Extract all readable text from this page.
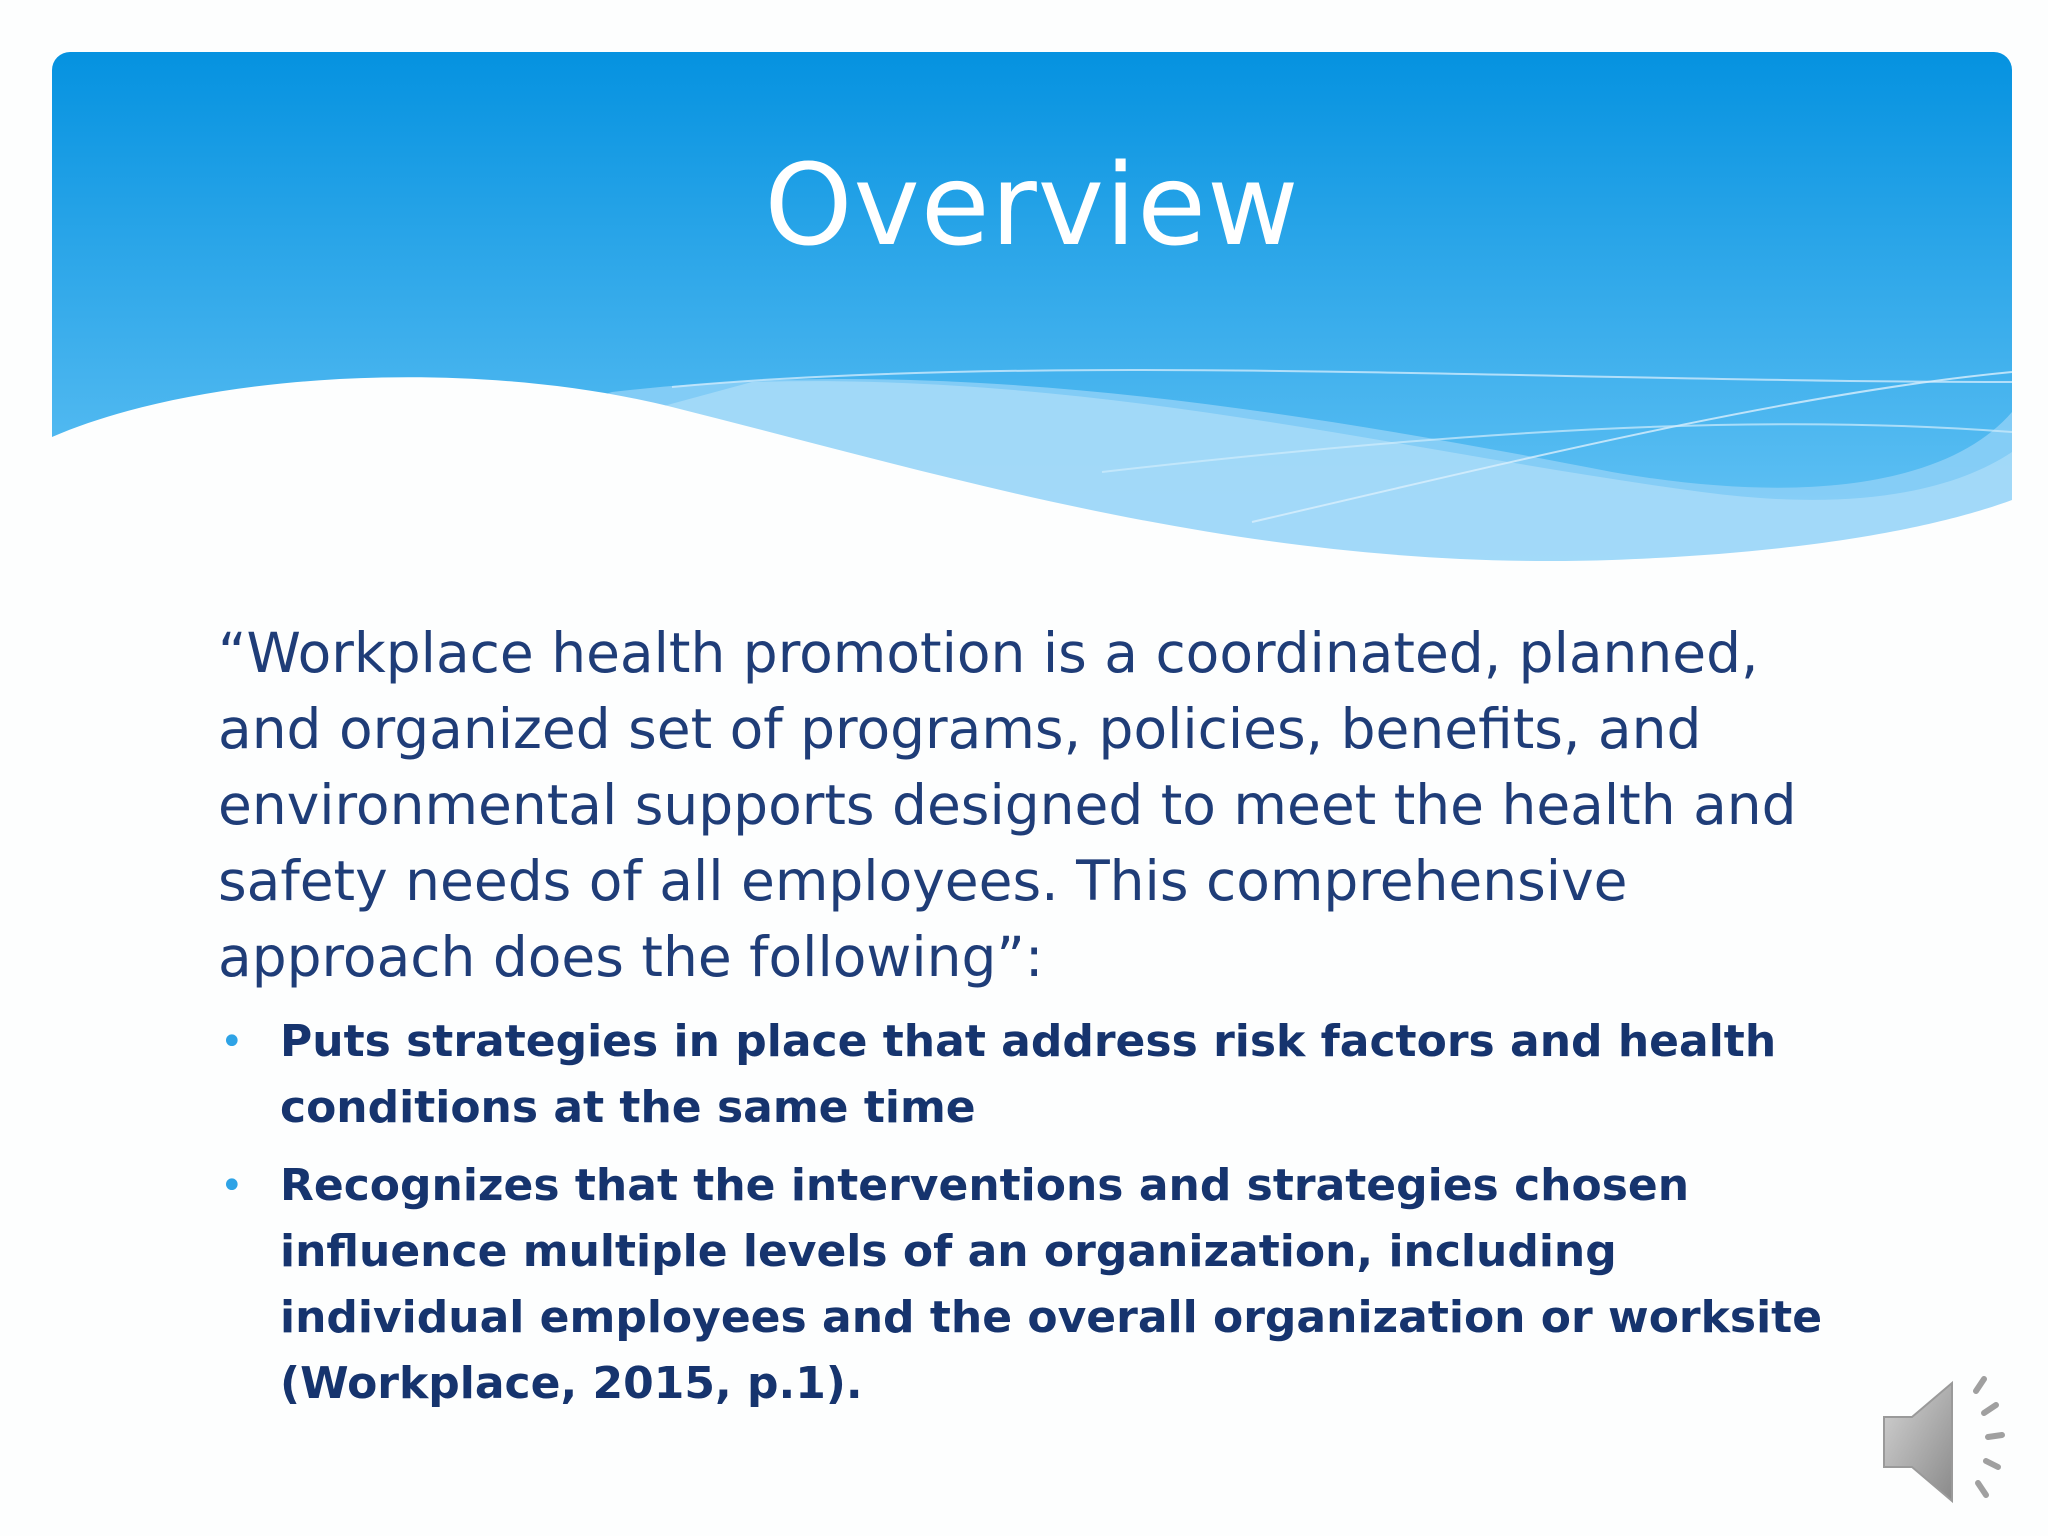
Overview

“Workplace health promotion is a coordinated, planned, and organized set of programs, policies, benefits, and environmental supports designed to meet the health and safety needs of all employees. This comprehensive approach does the following”:

• Puts strategies in place that address risk factors and health conditions at the same time
• Recognizes that the interventions and strategies chosen influence multiple levels of an organization, including individual employees and the overall organization or worksite (Workplace, 2015, p.1).
